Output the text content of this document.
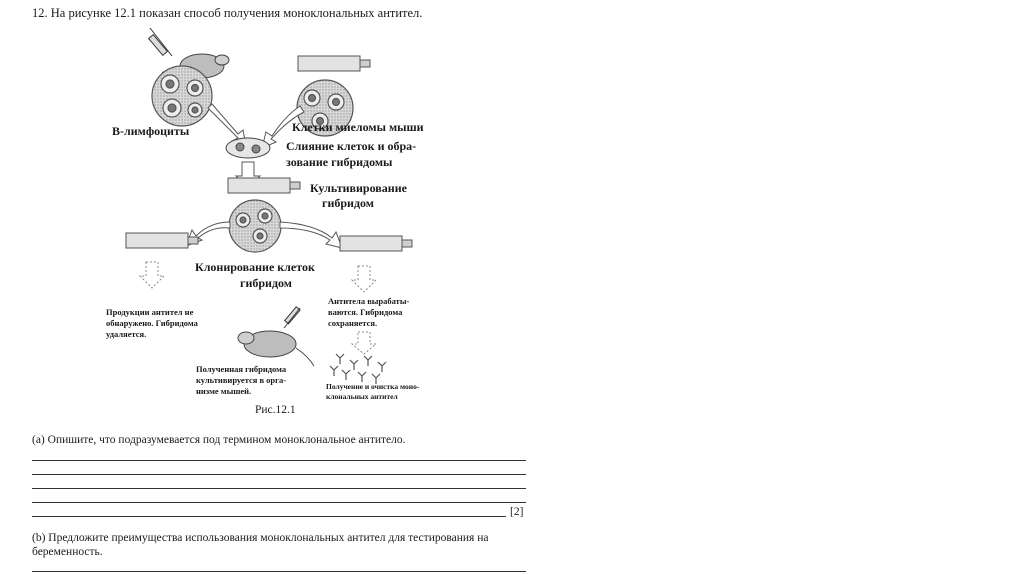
12. На рисунке 12.1 показан способ получения моноклональных антител.
В-лимфоциты	Клетки миеломы мыши
Слияние клеток и обра-
зование гибридомы
Культивирование
гибридом
Клонирование клеток
гибридом
Продукции антител не
обнаружено. Гибридома
удаляется.
Антитела вырабаты-
ваются. Гибридома
сохраняется.
Полученная гибридома
культивируется в орга-
низме мышей.	Получение и очистка моно-
клональных антител
Рис.12.1
(a) Опишите, что подразумевается под термином моноклональное антитело.
[2]
(b) Предложите преимущества использования моноклональных антител для тестирования на
беременность.
